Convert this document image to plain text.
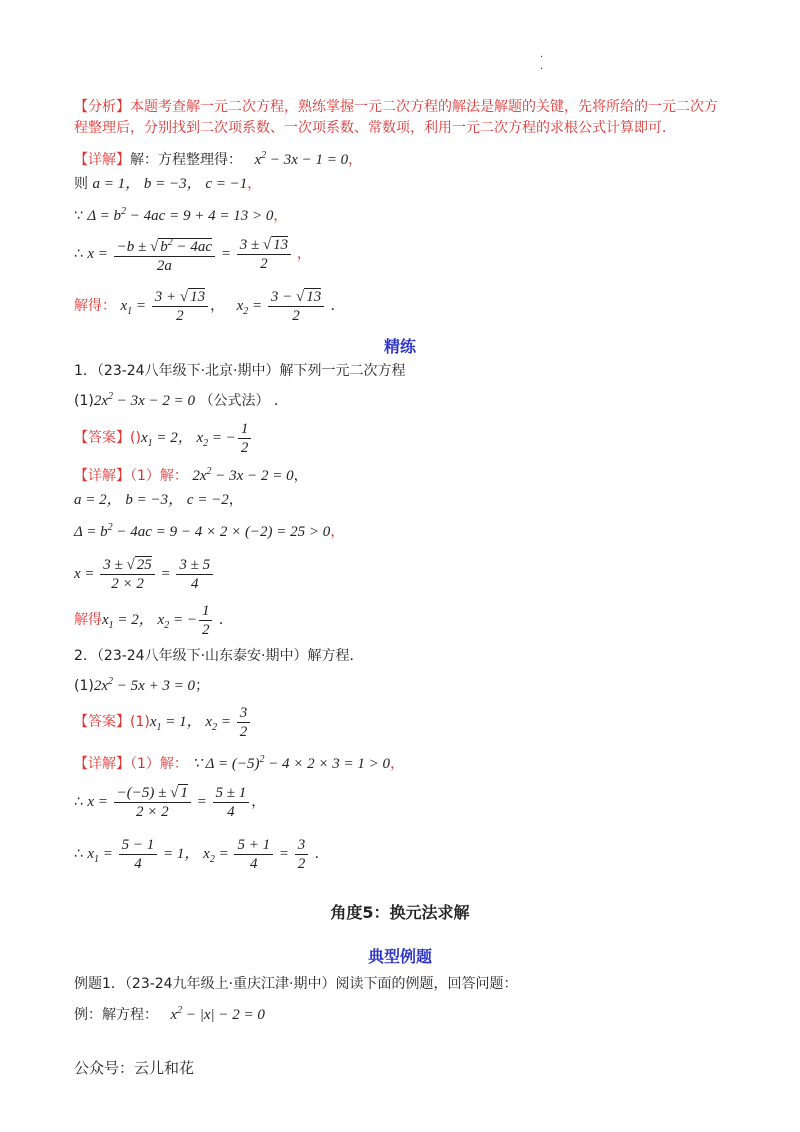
·
·
【分析】本题考查解一元二次方程，熟练掌握一元二次方程的解法是解题的关键，先将所给的一元二次方
程整理后，分别找到二次项系数、一次项系数、常数项，利用一元二次方程的求根公式计算即可．
【详解】解：方程整理得： $x^2 - 3x - 1 = 0$，
则 a = 1， b = −3， c = −1，
∵ $\Delta = b^2 - 4ac = 9 + 4 = 13 > 0$，
∴ $x = \frac{-b \pm √ b^2 - 4ac}{2a} = \frac{3 \pm √ 13}{2}$ ，
解得： $x_1 = \frac{3 + √ 13}{2}$ ， $x_2 = \frac{3 - √ 13}{2}$ ．
精练
1．（23-24八年级下·北京·期中）解下列一元二次方程
$(1)2x^2 - 3x - 2 = 0$ （公式法） ．
【答案】$()x_1 = 2$， $x_2$ = − $\frac{1}{2}$
【详解】（1）解： $2x^2 - 3x - 2 = 0$，
a = 2， b = −3， c = −2，
$\Delta = b^2 - 4ac = 9 - 4 \times 2 \times (-2) = 25 > 0$，
$x = \frac{3 \pm √ 25}{2 \times 2} = \frac{3 \pm 5}{4}$
解得$x_1 = 2$， $x_2$ = − $\frac{1}{2}$ ．
2．（23-24八年级下·山东泰安·期中）解方程．
$(1)2x^2 - 5x + 3 = 0$；
【答案】$(1)x_1 = 1$， $x_2 = \frac{3}{2}$
【详解】（1）解： ∵ $\Delta = (-5)^2 - 4 \times 2 \times 3 = 1 > 0$，
∴ $x = \frac{-(-5) \pm √ 1}{2 \times 2} = \frac{5 \pm 1}{4}$ ，
∴ $x_1 = \frac{5 - 1}{4} = 1$， $x_2 = \frac{5 + 1}{4} = \frac{3}{2}$ ．
角度5：换元法求解
典型例题
例题1．（23-24九年级上·重庆江津·期中）阅读下面的例题，回答问题：
例：解方程： $x^2 - |x| - 2 = 0$
公众号：云儿和花
